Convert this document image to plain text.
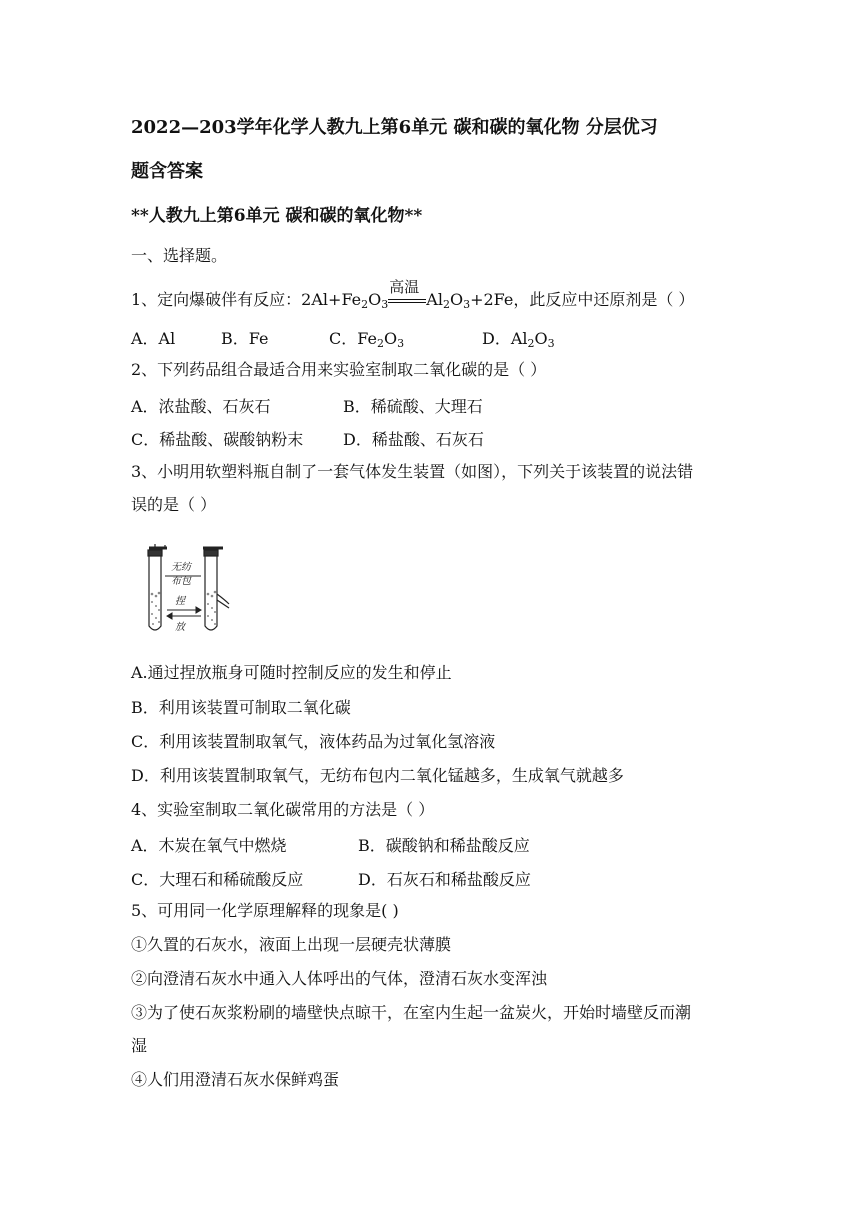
2022—203学年化学人教九上第6单元 碳和碳的氧化物 分层优习
题含答案
**人教九上第6单元 碳和碳的氧化物**
一、选择题。
1、定向爆破伴有反应：$2Al+Fe_2O_3$
高温
$Al_2O_3+2Fe$，此反应中还原剂是（ ）
A．Al	B．Fe	C．$Fe_2O_3$	D．$Al_2O_3$
2、下列药品组合最适合用来实验室制取二氧化碳的是（ ）
A．浓盐酸、石灰石	B．稀硫酸、大理石
C．稀盐酸、碳酸钠粉末 D．稀盐酸、石灰石
3、小明用软塑料瓶自制了一套气体发生装置（如图），下列关于该装置的说法错
误的是（ ）
无纺
布包
捏
放
A.通过捏放瓶身可随时控制反应的发生和停止
B．利用该装置可制取二氧化碳
C．利用该装置制取氧气，液体药品为过氧化氢溶液
D．利用该装置制取氧气，无纺布包内二氧化锰越多，生成氧气就越多
4、实验室制取二氧化碳常用的方法是（ ）
A．木炭在氧气中燃烧	B．碳酸钠和稀盐酸反应
C．大理石和稀硫酸反应	D．石灰石和稀盐酸反应
5、可用同一化学原理解释的现象是( )
①久置的石灰水，液面上出现一层硬壳状薄膜
②向澄清石灰水中通入人体呼出的气体，澄清石灰水变浑浊
③为了使石灰浆粉刷的墙壁快点晾干，在室内生起一盆炭火，开始时墙壁反而潮
湿
④人们用澄清石灰水保鲜鸡蛋
